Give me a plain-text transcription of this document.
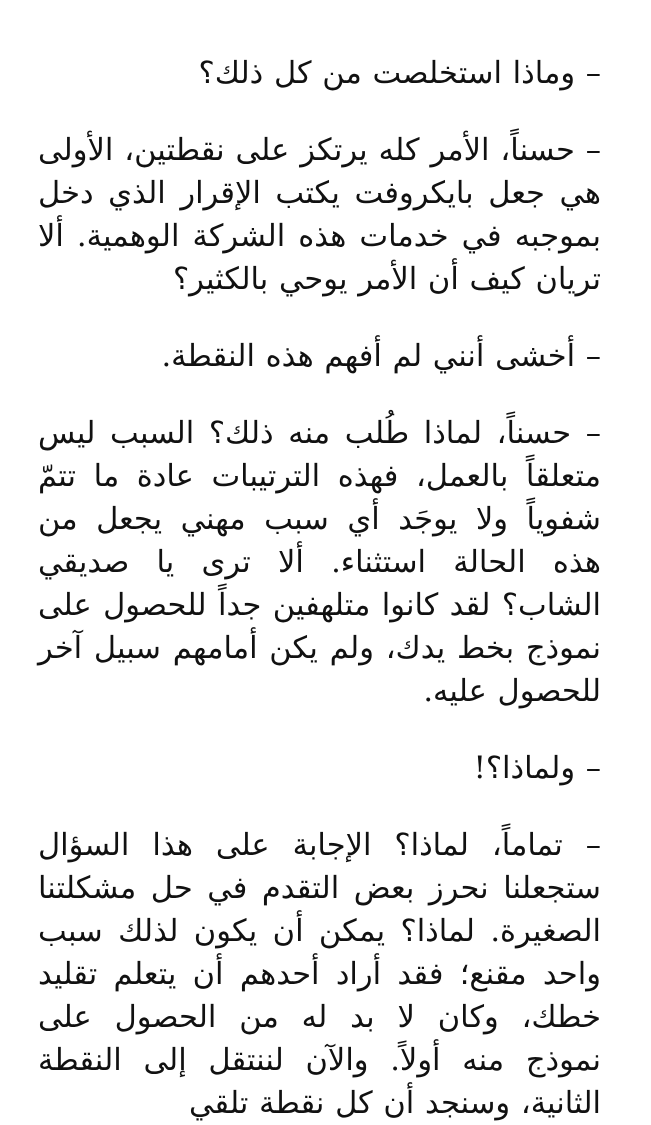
– وماذا استخلصت من كل ذلك؟

– حسناً، الأمر كله يرتكز على نقطتين، الأولى هي جعل بايكروفت يكتب الإقرار الذي دخل بموجبه في خدمات هذه الشركة الوهمية. ألا تريان كيف أن الأمر يوحي بالكثير؟

– أخشى أنني لم أفهم هذه النقطة.

– حسناً، لماذا طُلب منه ذلك؟ السبب ليس متعلقاً بالعمل، فهذه الترتيبات عادة ما تتمّ شفوياً ولا يوجَد أي سبب مهني يجعل من هذه الحالة استثناء. ألا ترى يا صديقي الشاب؟ لقد كانوا متلهفين جداً للحصول على نموذج بخط يدك، ولم يكن أمامهم سبيل آخر للحصول عليه.

– ولماذا؟!

– تماماً، لماذا؟ الإجابة على هذا السؤال ستجعلنا نحرز بعض التقدم في حل مشكلتنا الصغيرة. لماذا؟ يمكن أن يكون لذلك سبب واحد مقنع؛ فقد أراد أحدهم أن يتعلم تقليد خطك، وكان لا بد له من الحصول على نموذج منه أولاً. والآن لننتقل إلى النقطة الثانية، وسنجد أن كل نقطة تلقي
